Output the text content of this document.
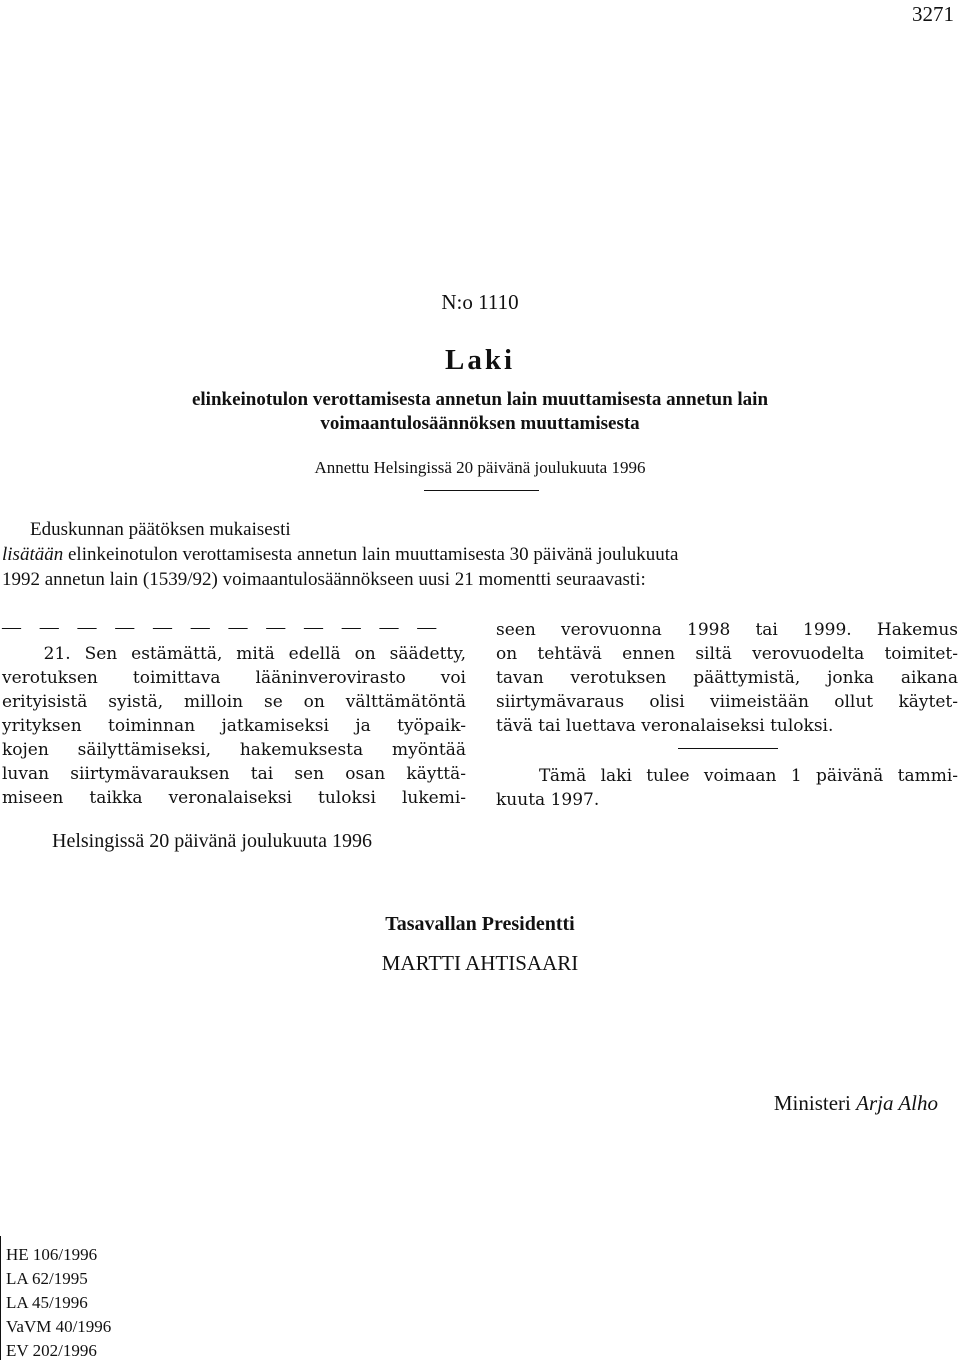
3271
N:o 1110
Laki
elinkeinotulon verottamisesta annetun lain muuttamisesta annetun lain
voimaantulosäännöksen muuttamisesta
Annettu Helsingissä 20 päivänä joulukuuta 1996
Eduskunnan päätöksen mukaisesti
lisätään elinkeinotulon verottamisesta annetun lain muuttamisesta 30 päivänä joulukuuta
1992 annetun lain (1539/92) voimaantulosäännökseen uusi 21 momentti seuraavasti:
— — — — — — — — — — — —
21. Sen estämättä, mitä edellä on säädetty,
verotuksen toimittava lääninverovirasto voi
erityisistä syistä, milloin se on välttämätöntä
yrityksen toiminnan jatkamiseksi ja työpaik-
kojen säilyttämiseksi, hakemuksesta myöntää
luvan siirtymävarauksen tai sen osan käyttä-
miseen taikka veronalaiseksi tuloksi lukemi-
seen verovuonna 1998 tai 1999. Hakemus
on tehtävä ennen siltä verovuodelta toimitet-
tavan verotuksen päättymistä, jonka aikana
siirtymävaraus olisi viimeistään ollut käytet-
tävä tai luettava veronalaiseksi tuloksi.
Tämä laki tulee voimaan 1 päivänä tammi-
kuuta 1997.
Helsingissä 20 päivänä joulukuuta 1996
Tasavallan Presidentti
MARTTI AHTISAARI
Ministeri Arja Alho
HE 106/1996
LA 62/1995
LA 45/1996
VaVM 40/1996
EV 202/1996
